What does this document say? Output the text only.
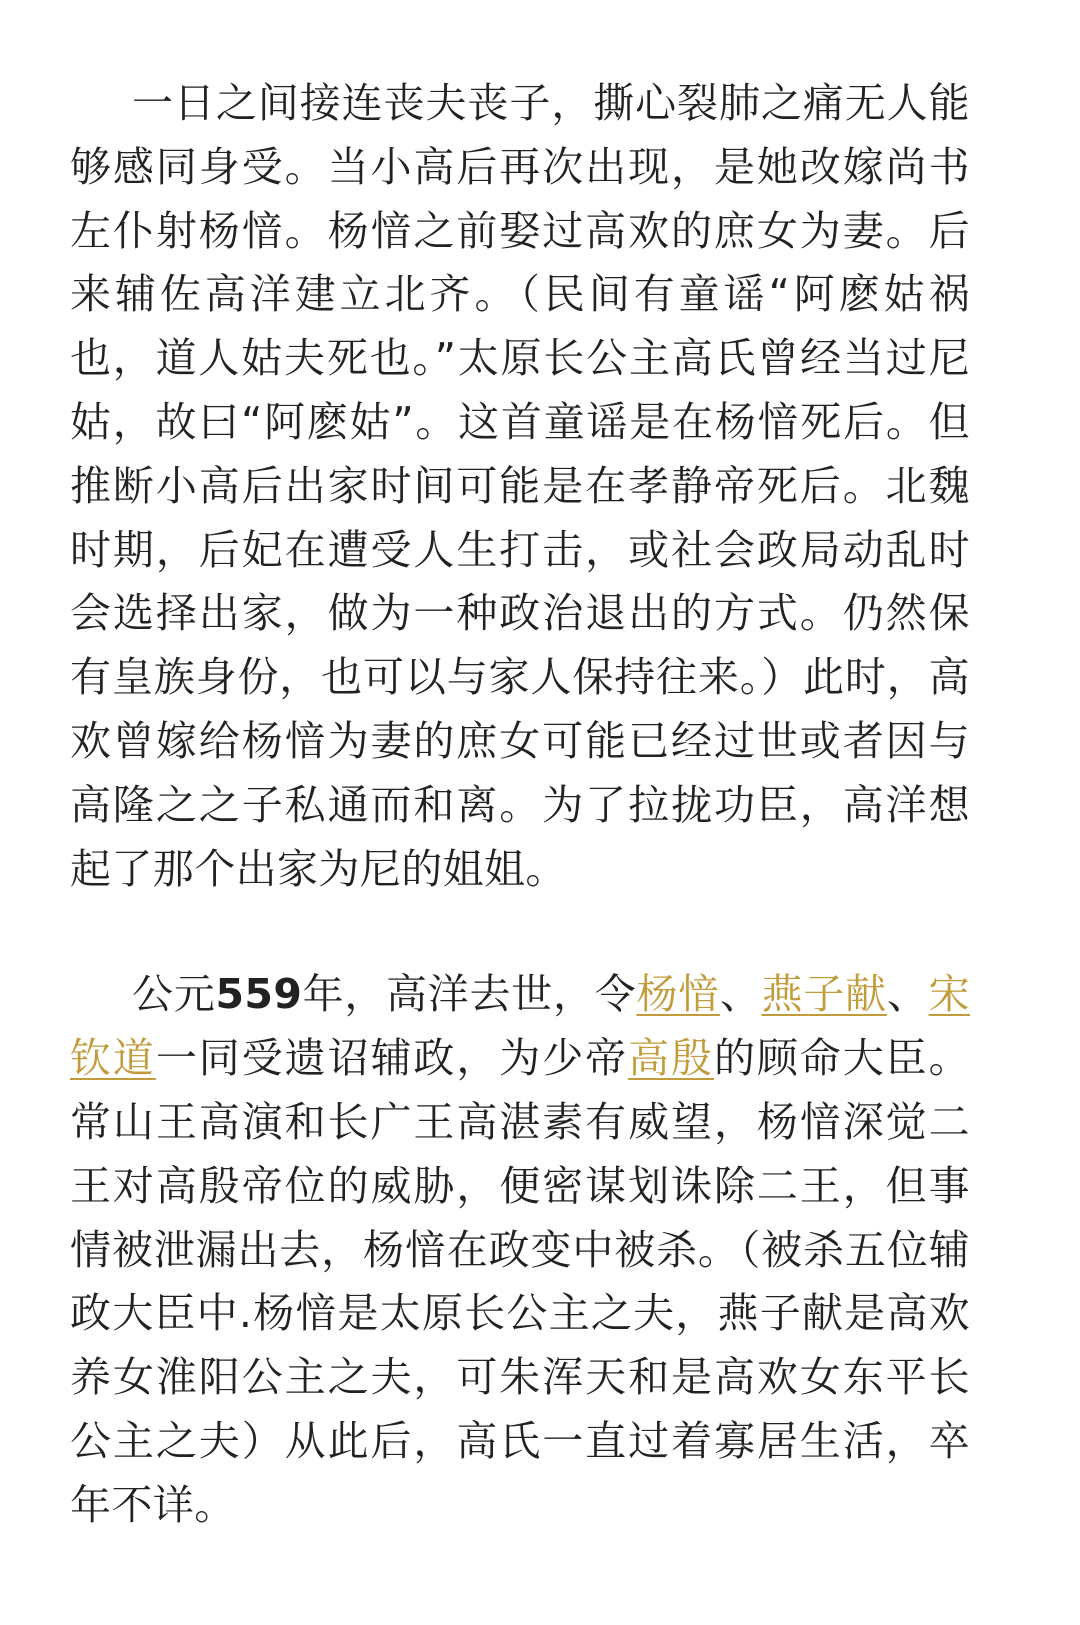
一日之间接连丧夫丧子，撕心裂肺之痛无人能够感同身受。当小高后再次出现，是她改嫁尚书左仆射杨愔。杨愔之前娶过高欢的庶女为妻。后来辅佐高洋建立北齐。（民间有童谣“阿麽姑祸也，道人姑夫死也。”太原长公主高氏曾经当过尼姑，故曰“阿麽姑”。这首童谣是在杨愔死后。但推断小高后出家时间可能是在孝静帝死后。北魏时期，后妃在遭受人生打击，或社会政局动乱时会选择出家，做为一种政治退出的方式。仍然保有皇族身份，也可以与家人保持往来。）此时，高欢曾嫁给杨愔为妻的庶女可能已经过世或者因与高隆之之子私通而和离。为了拉拢功臣，高洋想起了那个出家为尼的姐姐。

公元559年，高洋去世，令杨愔、燕子献、宋钦道一同受遗诏辅政，为少帝高殷的顾命大臣。常山王高演和长广王高湛素有威望，杨愔深觉二王对高殷帝位的威胁，便密谋划诛除二王，但事情被泄漏出去，杨愔在政变中被杀。（被杀五位辅政大臣中.杨愔是太原长公主之夫，燕子献是高欢养女淮阳公主之夫，可朱浑天和是高欢女东平长公主之夫）从此后，高氏一直过着寡居生活，卒年不详。
